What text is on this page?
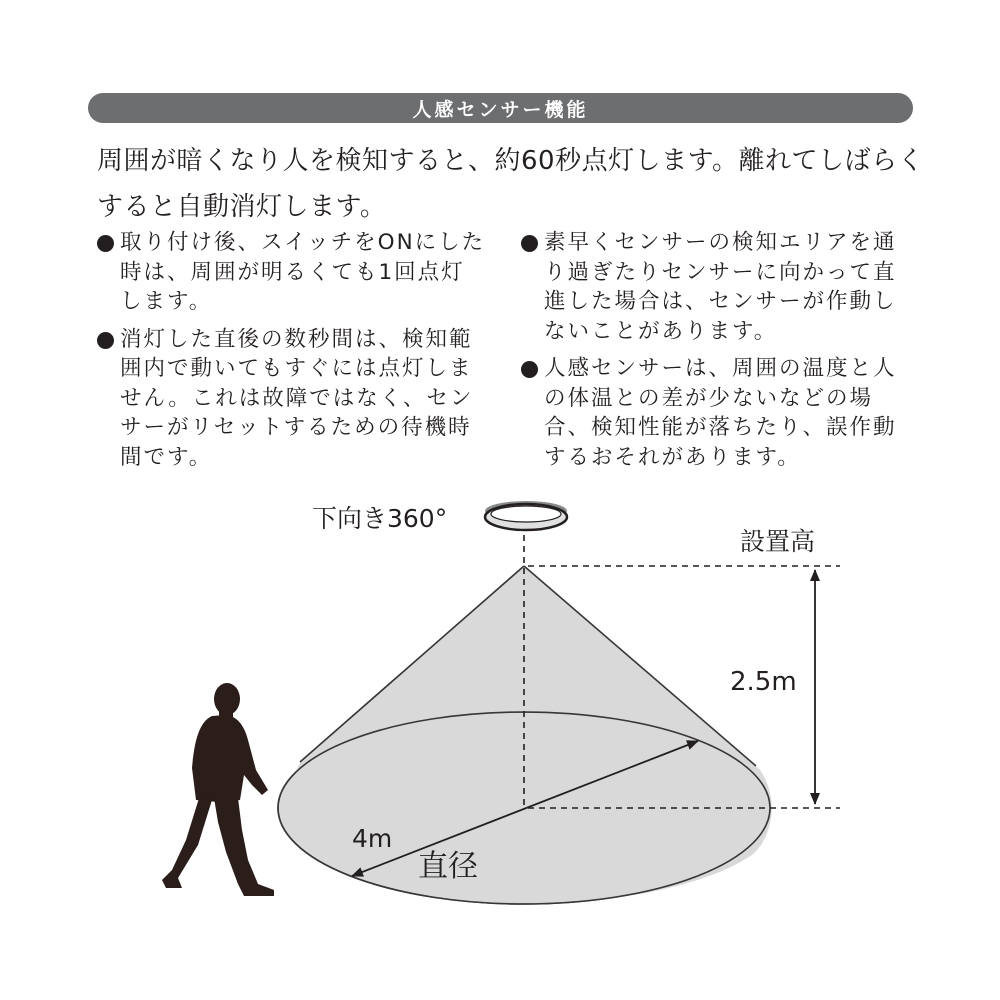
人感センサー機能
周囲が暗くなり人を検知すると、約60秒点灯します。離れてしばらくすると自動消灯します。
取り付け後、スイッチをONにした時は、周囲が明るくても1回点灯します。
消灯した直後の数秒間は、検知範囲内で動いてもすぐには点灯しません。これは故障ではなく、センサーがリセットするための待機時間です。
素早くセンサーの検知エリアを通り過ぎたりセンサーに向かって直進した場合は、センサーが作動しないことがあります。
人感センサーは、周囲の温度と人の体温との差が少ないなどの場合、検知性能が落ちたり、誤作動するおそれがあります。
下向き360°
設置高
2.5m
4m
直径
